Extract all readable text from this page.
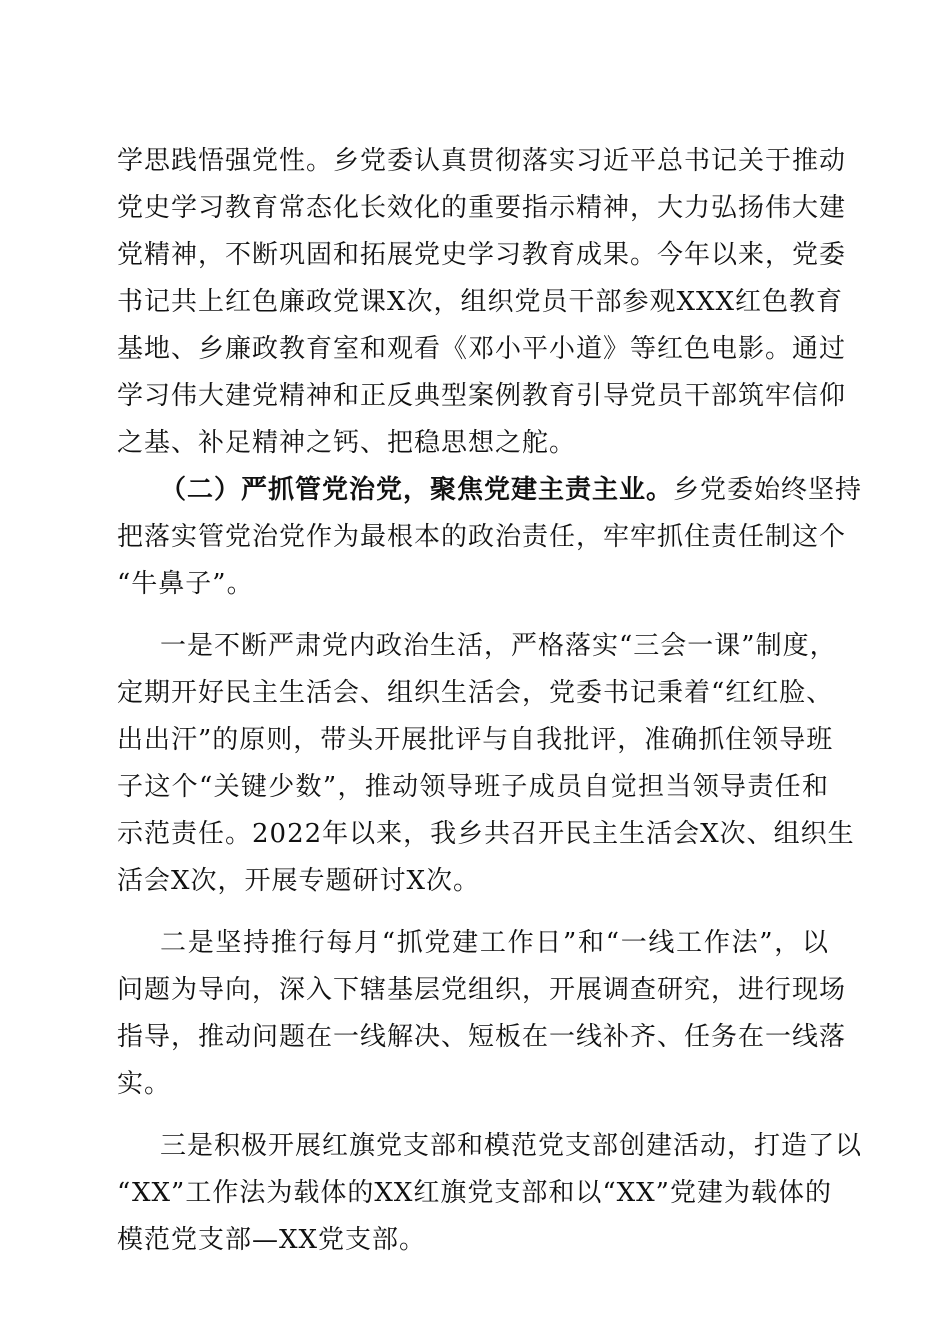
学思践悟强党性。乡党委认真贯彻落实习近平总书记关于推动
党史学习教育常态化长效化的重要指示精神，大力弘扬伟大建
党精神，不断巩固和拓展党史学习教育成果。今年以来，党委
书记共上红色廉政党课X次，组织党员干部参观XXX红色教育
基地、乡廉政教育室和观看《邓小平小道》等红色电影。通过
学习伟大建党精神和正反典型案例教育引导党员干部筑牢信仰
之基、补足精神之钙、把稳思想之舵。
（二）严抓管党治党，聚焦党建主责主业。乡党委始终坚持
把落实管党治党作为最根本的政治责任，牢牢抓住责任制这个
“牛鼻子”。
一是不断严肃党内政治生活，严格落实“三会一课”制度，
定期开好民主生活会、组织生活会，党委书记秉着“红红脸、
出出汗”的原则，带头开展批评与自我批评，准确抓住领导班
子这个“关键少数”，推动领导班子成员自觉担当领导责任和
示范责任。2022年以来，我乡共召开民主生活会X次、组织生
活会X次，开展专题研讨X次。
二是坚持推行每月“抓党建工作日”和“一线工作法”，以
问题为导向，深入下辖基层党组织，开展调查研究，进行现场
指导，推动问题在一线解决、短板在一线补齐、任务在一线落
实。
三是积极开展红旗党支部和模范党支部创建活动，打造了以
“XX”工作法为载体的XX红旗党支部和以“XX”党建为载体的
模范党支部—XX党支部。
